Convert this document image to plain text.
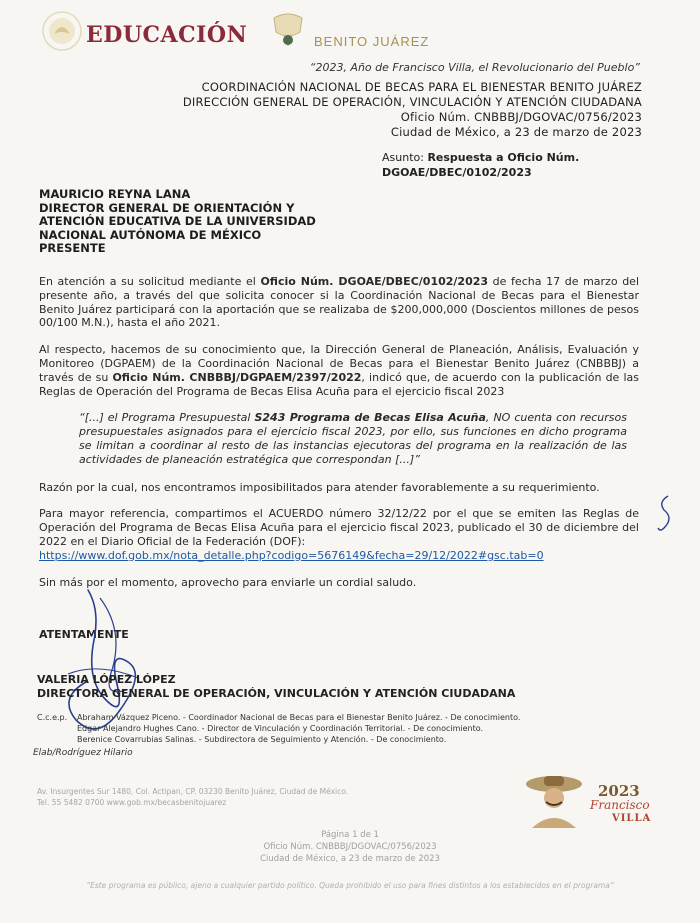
EDUCACIÓN	BENITO JUÁREZ
“2023, Año de Francisco Villa, el Revolucionario del Pueblo”
COORDINACIÓN NACIONAL DE BECAS PARA EL BIENESTAR BENITO JUÁREZ
DIRECCIÓN GENERAL DE OPERACIÓN, VINCULACIÓN Y ATENCIÓN CIUDADANA
Oficio Núm. CNBBBJ/DGOVAC/0756/2023
Ciudad de México, a 23 de marzo de 2023
Asunto: Respuesta a Oficio Núm. DGOAE/DBEC/0102/2023
MAURICIO REYNA LANA
DIRECTOR GENERAL DE ORIENTACIÓN Y
ATENCIÓN EDUCATIVA DE LA UNIVERSIDAD
NACIONAL AUTÓNOMA DE MÉXICO
PRESENTE

En atención a su solicitud mediante el Oficio Núm. DGOAE/DBEC/0102/2023 de fecha 17 de marzo del presente año, a través del que solicita conocer si la Coordinación Nacional de Becas para el Bienestar Benito Juárez participará con la aportación que se realizaba de $200,000,000 (Doscientos millones de pesos 00/100 M.N.), hasta el año 2021.

Al respecto, hacemos de su conocimiento que, la Dirección General de Planeación, Análisis, Evaluación y Monitoreo (DGPAEM) de la Coordinación Nacional de Becas para el Bienestar Benito Juárez (CNBBBJ) a través de su Oficio Núm. CNBBBJ/DGPAEM/2397/2022, indicó que, de acuerdo con la publicación de las Reglas de Operación del Programa de Becas Elisa Acuña para el ejercicio fiscal 2023

“[...] el Programa Presupuestal S243 Programa de Becas Elisa Acuña, NO cuenta con recursos presupuestales asignados para el ejercicio fiscal 2023, por ello, sus funciones en dicho programa se limitan a coordinar al resto de las instancias ejecutoras del programa en la realización de las actividades de planeación estratégica que correspondan [...]”

Razón por la cual, nos encontramos imposibilitados para atender favorablemente a su requerimiento.

Para mayor referencia, compartimos el ACUERDO número 32/12/22 por el que se emiten las Reglas de Operación del Programa de Becas Elisa Acuña para el ejercicio fiscal 2023, publicado el 30 de diciembre del 2022 en el Diario Oficial de la Federación (DOF):

https://www.dof.gob.mx/nota_detalle.php?codigo=5676149&fecha=29/12/2022#gsc.tab=0

Sin más por el momento, aprovecho para enviarle un cordial saludo.

ATENTAMENTE
VALERIA LÓPEZ LÓPEZ
DIRECTORA GENERAL DE OPERACIÓN, VINCULACIÓN Y ATENCIÓN CIUDADANA
C.c.e.p. Abraham Vázquez Piceno. - Coordinador Nacional de Becas para el Bienestar Benito Juárez. - De conocimiento.
Edgar Alejandro Hughes Cano. - Director de Vinculación y Coordinación Territorial. - De conocimiento.
Berenice Covarrubias Salinas. - Subdirectora de Seguimiento y Atención. - De conocimiento.
Elab/Rodríguez Hilario
Av. Insurgentes Sur 1480, Col. Actipan, CP. 03230 Benito Juárez, Ciudad de México.
Tel. 55 5482 0700 www.gob.mx/becasbenitojuarez
2023
Francisco
VILLA
Página 1 de 1
Oficio Núm. CNBBBJ/DGOVAC/0756/2023
Ciudad de México, a 23 de marzo de 2023
“Este programa es público, ajeno a cualquier partido político. Queda prohibido el uso para fines distintos a los establecidos en el programa”
